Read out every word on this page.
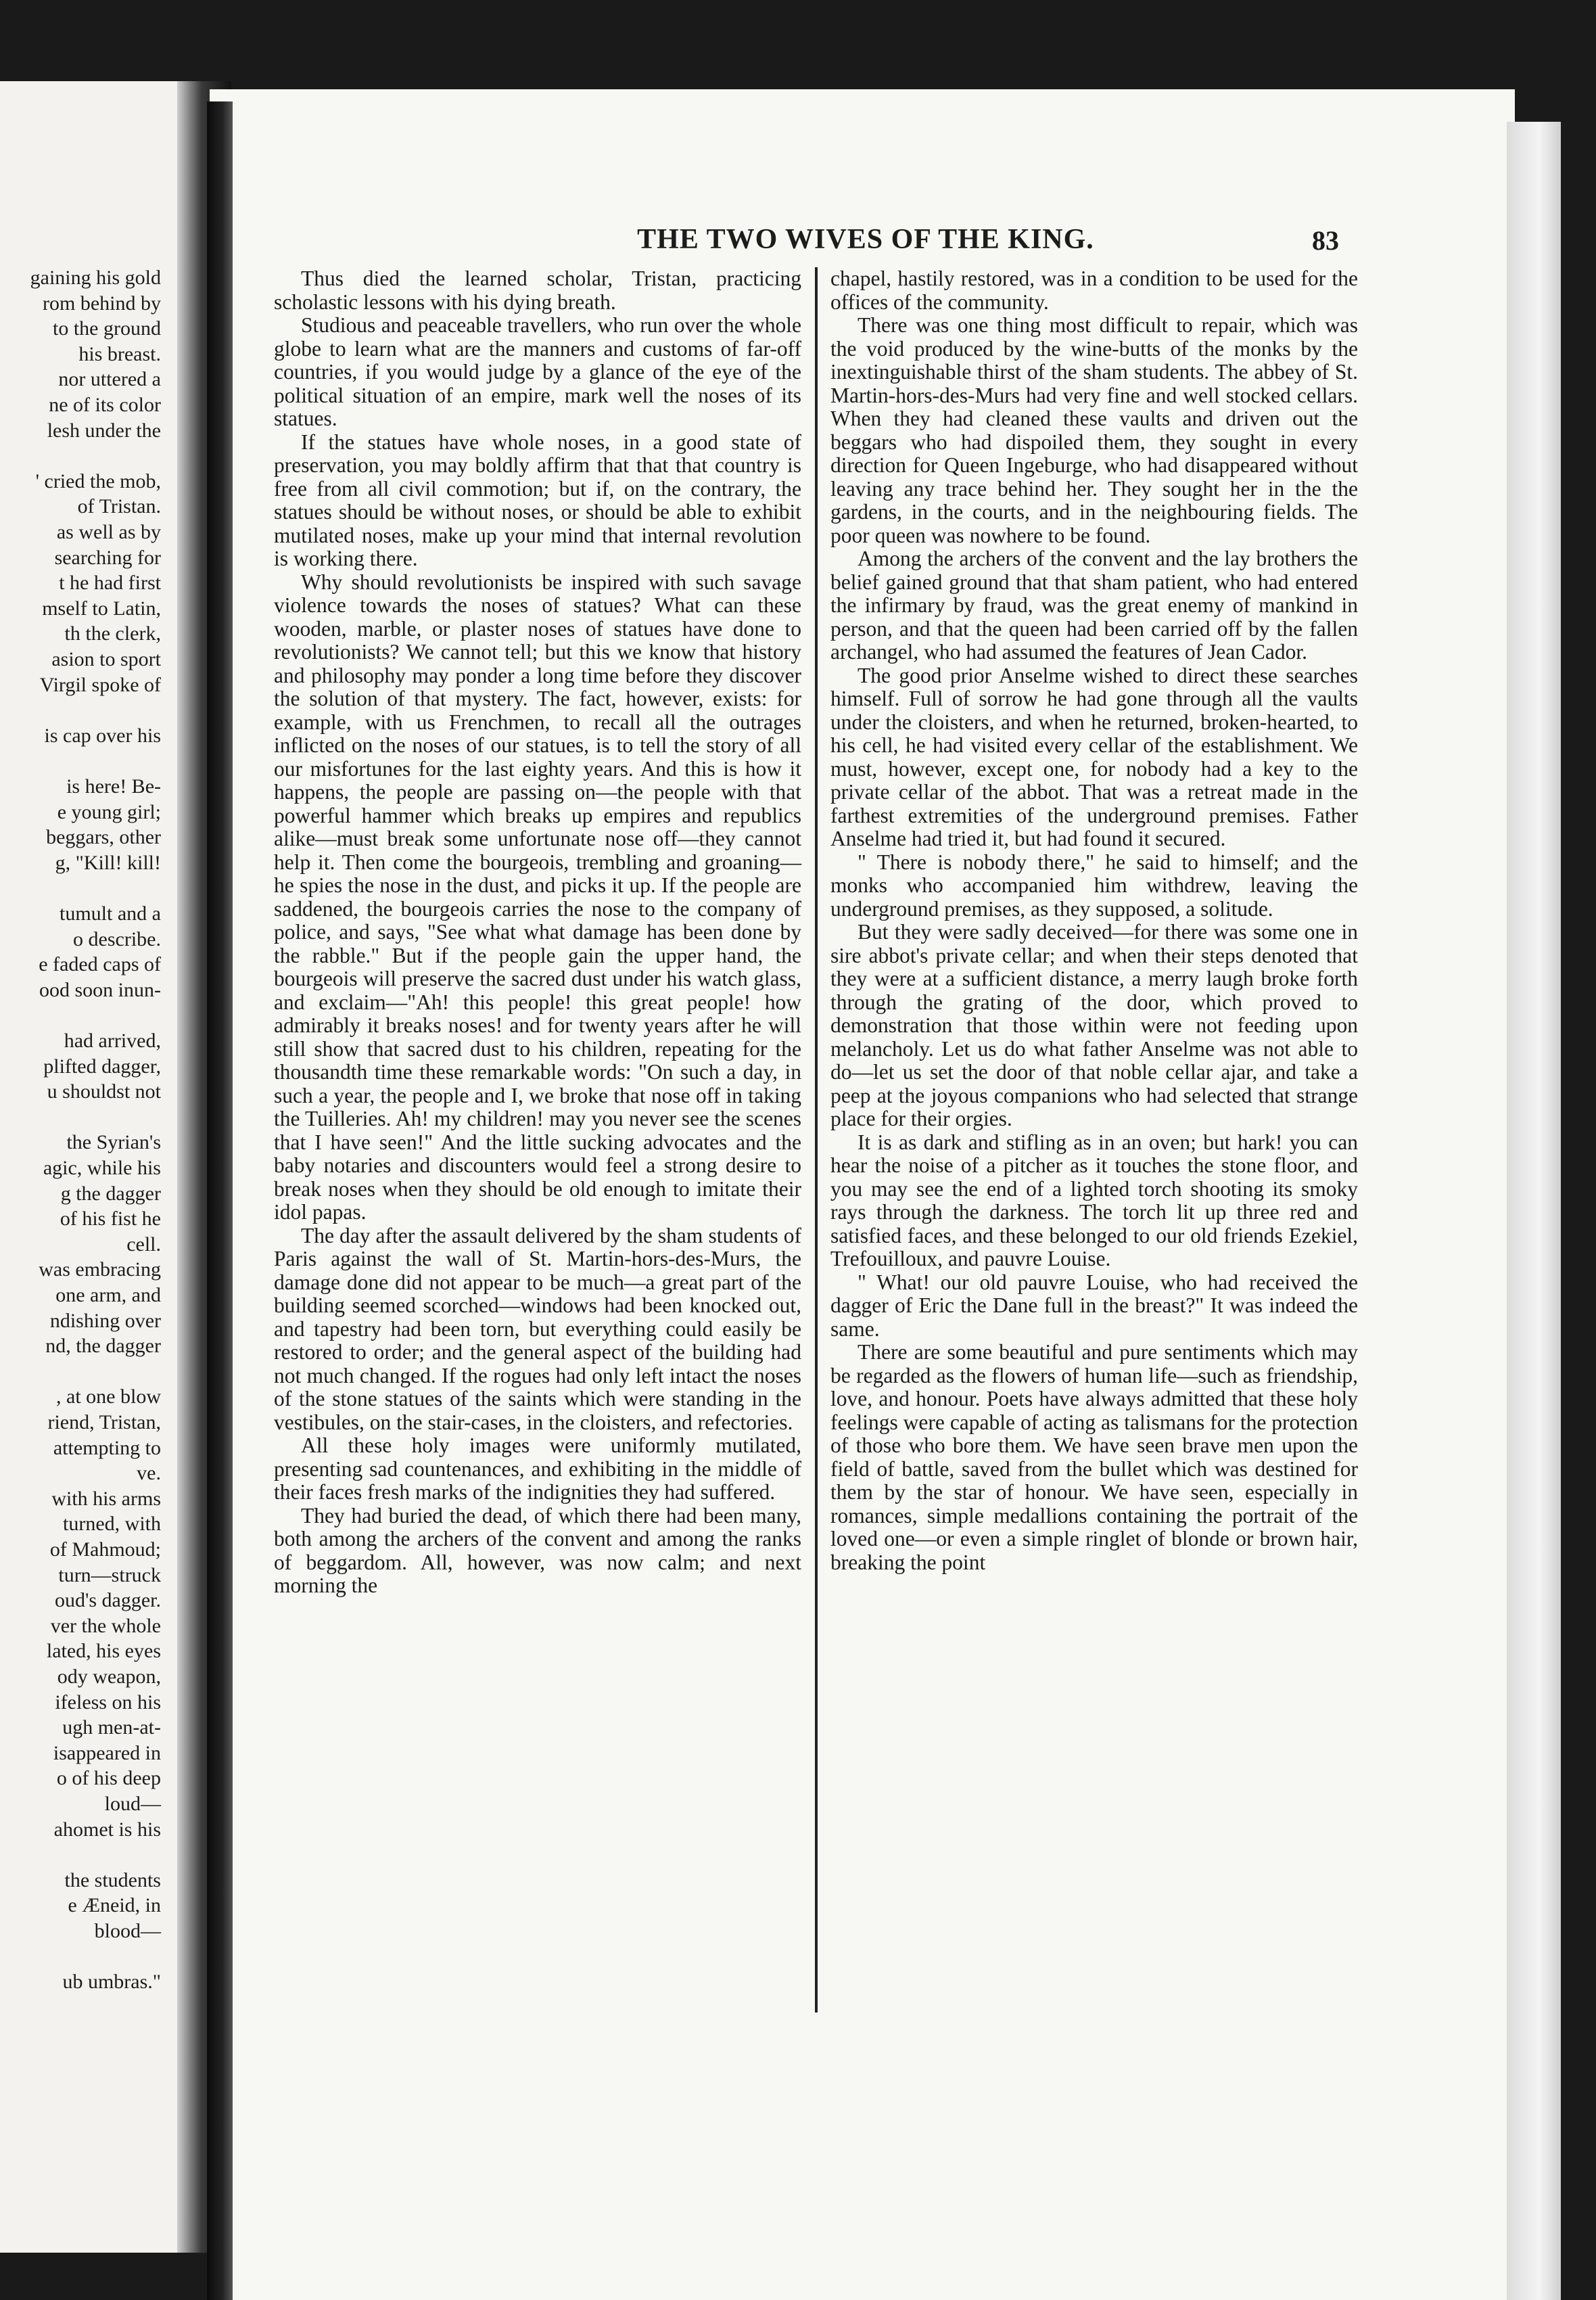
THE TWO WIVES OF THE KING.	83

Thus died the learned scholar, Tristan, practicing scholastic lessons with his dying breath.

Studious and peaceable travellers, who run over the whole globe to learn what are the manners and customs of far-off countries, if you would judge by a glance of the eye of the political situation of an empire, mark well the noses of its statues.

If the statues have whole noses, in a good state of preservation, you may boldly affirm that that that country is free from all civil commotion; but if, on the contrary, the statues should be without noses, or should be able to exhibit mutilated noses, make up your mind that internal revolution is working there.

Why should revolutionists be inspired with such savage violence towards the noses of statues? What can these wooden, marble, or plaster noses of statues have done to revolutionists? We cannot tell; but this we know that history and philosophy may ponder a long time before they discover the solution of that mystery. The fact, however, exists: for example, with us Frenchmen, to recall all the outrages inflicted on the noses of our statues, is to tell the story of all our misfortunes for the last eighty years. And this is how it happens, the people are passing on—the people with that powerful hammer which breaks up empires and republics alike—must break some unfortunate nose off—they cannot help it. Then come the bourgeois, trembling and groaning—he spies the nose in the dust, and picks it up. If the people are saddened, the bourgeois carries the nose to the company of police, and says, "See what what damage has been done by the rabble." But if the people gain the upper hand, the bourgeois will preserve the sacred dust under his watch glass, and exclaim—"Ah! this people! this great people! how admirably it breaks noses! and for twenty years after he will still show that sacred dust to his children, repeating for the thousandth time these remarkable words: "On such a day, in such a year, the people and I, we broke that nose off in taking the Tuilleries. Ah! my children! may you never see the scenes that I have seen!" And the little sucking advocates and the baby notaries and discounters would feel a strong desire to break noses when they should be old enough to imitate their idol papas.

The day after the assault delivered by the sham students of Paris against the wall of St. Martin-hors-des-Murs, the damage done did not appear to be much—a great part of the building seemed scorched—windows had been knocked out, and tapestry had been torn, but everything could easily be restored to order; and the general aspect of the building had not much changed. If the rogues had only left intact the noses of the stone statues of the saints which were standing in the vestibules, on the stair-cases, in the cloisters, and refectories.

All these holy images were uniformly mutilated, presenting sad countenances, and exhibiting in the middle of their faces fresh marks of the indignities they had suffered.

They had buried the dead, of which there had been many, both among the archers of the convent and among the ranks of beggardom. All, however, was now calm; and next morning the

chapel, hastily restored, was in a condition to be used for the offices of the community.

There was one thing most difficult to repair, which was the void produced by the wine-butts of the monks by the inextinguishable thirst of the sham students. The abbey of St. Martin-hors-des-Murs had very fine and well stocked cellars. When they had cleaned these vaults and driven out the beggars who had dispoiled them, they sought in every direction for Queen Ingeburge, who had disappeared without leaving any trace behind her. They sought her in the the gardens, in the courts, and in the neighbouring fields. The poor queen was nowhere to be found.

Among the archers of the convent and the lay brothers the belief gained ground that that sham patient, who had entered the infirmary by fraud, was the great enemy of mankind in person, and that the queen had been carried off by the fallen archangel, who had assumed the features of Jean Cador.

The good prior Anselme wished to direct these searches himself. Full of sorrow he had gone through all the vaults under the cloisters, and when he returned, broken-hearted, to his cell, he had visited every cellar of the establishment. We must, however, except one, for nobody had a key to the private cellar of the abbot. That was a retreat made in the farthest extremities of the underground premises. Father Anselme had tried it, but had found it secured.

" There is nobody there," he said to himself; and the monks who accompanied him withdrew, leaving the underground premises, as they supposed, a solitude.

But they were sadly deceived—for there was some one in sire abbot's private cellar; and when their steps denoted that they were at a sufficient distance, a merry laugh broke forth through the grating of the door, which proved to demonstration that those within were not feeding upon melancholy. Let us do what father Anselme was not able to do—let us set the door of that noble cellar ajar, and take a peep at the joyous companions who had selected that strange place for their orgies.

It is as dark and stifling as in an oven; but hark! you can hear the noise of a pitcher as it touches the stone floor, and you may see the end of a lighted torch shooting its smoky rays through the darkness. The torch lit up three red and satisfied faces, and these belonged to our old friends Ezekiel, Trefouilloux, and pauvre Louise.

" What! our old pauvre Louise, who had received the dagger of Eric the Dane full in the breast?" It was indeed the same.

There are some beautiful and pure sentiments which may be regarded as the flowers of human life—such as friendship, love, and honour. Poets have always admitted that these holy feelings were capable of acting as talismans for the protection of those who bore them. We have seen brave men upon the field of battle, saved from the bullet which was destined for them by the star of honour. We have seen, especially in romances, simple medallions containing the portrait of the loved one—or even a simple ringlet of blonde or brown hair, breaking the point

gaining his gold
rom behind by
to the ground
his breast.
nor uttered a
ne of its color
lesh under the
' cried the mob,
of Tristan.
as well as by
searching for
t he had first
mself to Latin,
th the clerk,
asion to sport
Virgil spoke of
is cap over his
is here! Be-
e young girl;
beggars, other
g, "Kill! kill!
tumult and a
o describe.
e faded caps of
ood soon inun-
had arrived,
plifted dagger,
u shouldst not
the Syrian's
agic, while his
g the dagger
of his fist he
cell.
was embracing
one arm, and
ndishing over
nd, the dagger
, at one blow
riend, Tristan,
attempting to
ve.
with his arms
turned, with
of Mahmoud;
turn—struck
oud's dagger.
ver the whole
lated, his eyes
ody weapon,
ifeless on his
ugh men-at-
isappeared in
o of his deep
loud—
ahomet is his
the students
e Æneid, in
blood—
ub umbras."
